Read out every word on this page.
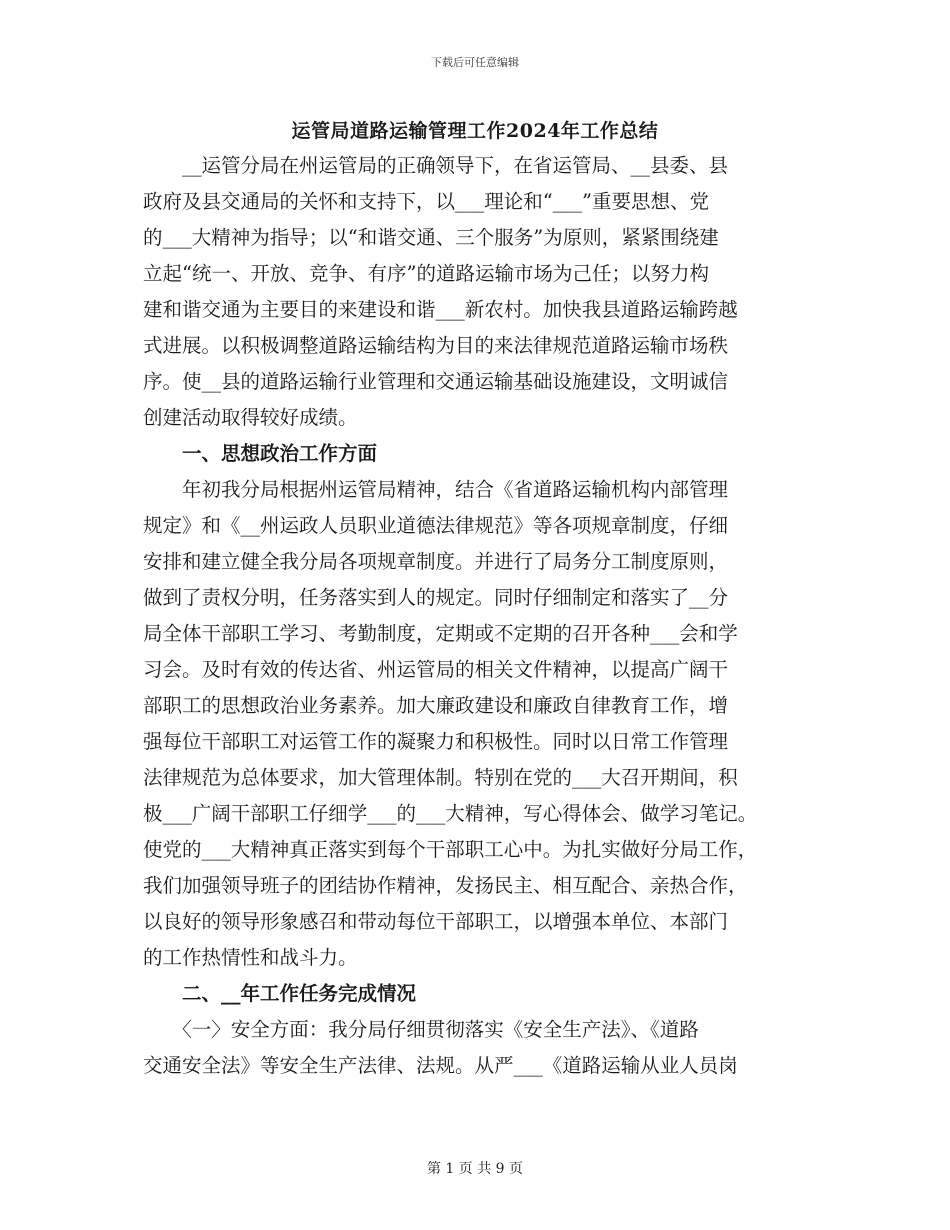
下载后可任意编辑
运管局道路运输管理工作2024年工作总结
　　__运管分局在州运管局的正确领导下，在省运管局、__县委、县
政府及县交通局的关怀和支持下，以___理论和“___”重要思想、党
的___大精神为指导；以“和谐交通、三个服务”为原则，紧紧围绕建
立起“统一、开放、竞争、有序”的道路运输市场为己任；以努力构
建和谐交通为主要目的来建设和谐___新农村。加快我县道路运输跨越
式进展。以积极调整道路运输结构为目的来法律规范道路运输市场秩
序。使__县的道路运输行业管理和交通运输基础设施建设，文明诚信
创建活动取得较好成绩。
　　一、思想政治工作方面
　　年初我分局根据州运管局精神，结合《省道路运输机构内部管理
规定》和《__州运政人员职业道德法律规范》等各项规章制度，仔细
安排和建立健全我分局各项规章制度。并进行了局务分工制度原则，
做到了责权分明，任务落实到人的规定。同时仔细制定和落实了__分
局全体干部职工学习、考勤制度，定期或不定期的召开各种___会和学
习会。及时有效的传达省、州运管局的相关文件精神，以提高广阔干
部职工的思想政治业务素养。加大廉政建设和廉政自律教育工作，增
强每位干部职工对运管工作的凝聚力和积极性。同时以日常工作管理
法律规范为总体要求，加大管理体制。特别在党的___大召开期间，积
极___广阔干部职工仔细学___的___大精神，写心得体会、做学习笔记。
使党的___大精神真正落实到每个干部职工心中。为扎实做好分局工作，
我们加强领导班子的团结协作精神，发扬民主、相互配合、亲热合作，
以良好的领导形象感召和带动每位干部职工，以增强本单位、本部门
的工作热情性和战斗力。
　　二、__年工作任务完成情况
　　〈一〉安全方面：我分局仔细贯彻落实《安全生产法》、《道路
交通安全法》等安全生产法律、法规。从严___《道路运输从业人员岗
第 1 页 共 9 页
